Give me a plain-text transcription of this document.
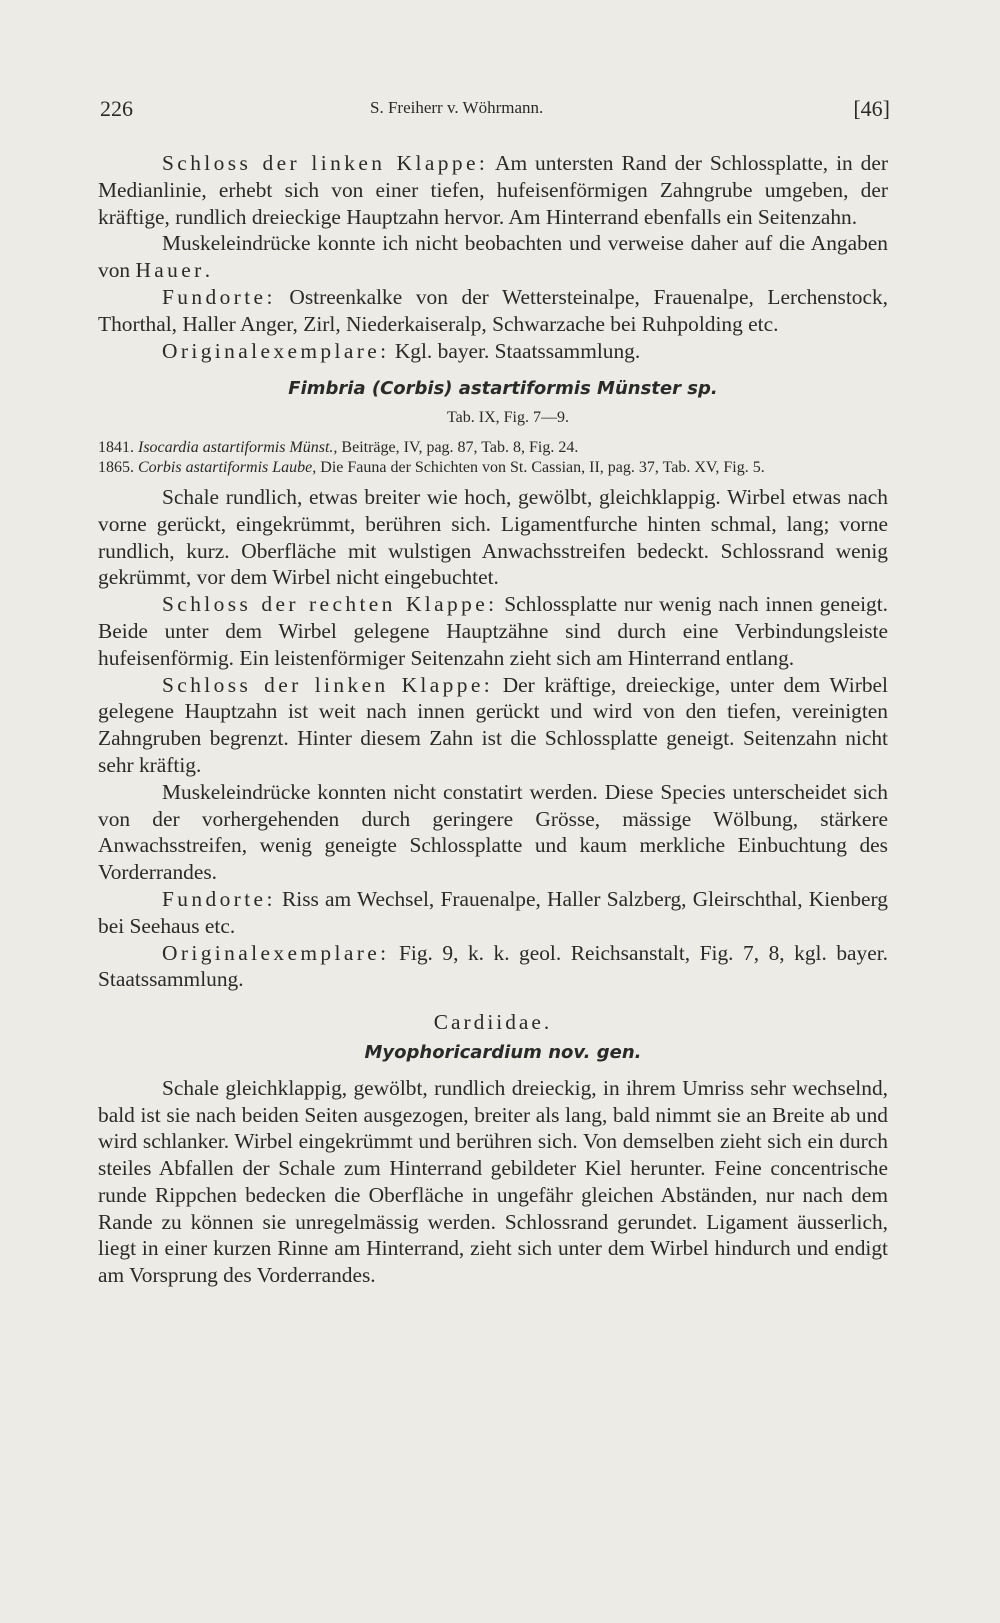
226	S. Freiherr v. Wöhrmann.	[46]

Schloss der linken Klappe: Am untersten Rand der Schlossplatte, in der Medianlinie, erhebt sich von einer tiefen, hufeisenförmigen Zahngrube umgeben, der kräftige, rundlich dreieckige Hauptzahn hervor. Am Hinterrand ebenfalls ein Seitenzahn.

Muskeleindrücke konnte ich nicht beobachten und verweise daher auf die Angaben von Hauer.

Fundorte: Ostreenkalke von der Wettersteinalpe, Frauenalpe, Lerchenstock, Thorthal, Haller Anger, Zirl, Niederkaiseralp, Schwarzache bei Ruhpolding etc.

Originalexemplare: Kgl. bayer. Staatssammlung.

Fimbria (Corbis) astartiformis Münster sp.
Tab. IX, Fig. 7—9.
1841. Isocardia astartiformis Münst., Beiträge, IV, pag. 87, Tab. 8, Fig. 24.
1865. Corbis astartiformis Laube, Die Fauna der Schichten von St. Cassian, II, pag. 37, Tab. XV, Fig. 5.

Schale rundlich, etwas breiter wie hoch, gewölbt, gleichklappig. Wirbel etwas nach vorne gerückt, eingekrümmt, berühren sich. Ligamentfurche hinten schmal, lang; vorne rundlich, kurz. Oberfläche mit wulstigen Anwachsstreifen bedeckt. Schlossrand wenig gekrümmt, vor dem Wirbel nicht eingebuchtet.

Schloss der rechten Klappe: Schlossplatte nur wenig nach innen geneigt. Beide unter dem Wirbel gelegene Hauptzähne sind durch eine Verbindungsleiste hufeisenförmig. Ein leistenförmiger Seitenzahn zieht sich am Hinterrand entlang.

Schloss der linken Klappe: Der kräftige, dreieckige, unter dem Wirbel gelegene Hauptzahn ist weit nach innen gerückt und wird von den tiefen, vereinigten Zahngruben begrenzt. Hinter diesem Zahn ist die Schlossplatte geneigt. Seitenzahn nicht sehr kräftig.

Muskeleindrücke konnten nicht constatirt werden. Diese Species unterscheidet sich von der vorhergehenden durch geringere Grösse, mässige Wölbung, stärkere Anwachsstreifen, wenig geneigte Schlossplatte und kaum merkliche Einbuchtung des Vorderrandes.

Fundorte: Riss am Wechsel, Frauenalpe, Haller Salzberg, Gleirschthal, Kienberg bei Seehaus etc.

Originalexemplare: Fig. 9, k. k. geol. Reichsanstalt, Fig. 7, 8, kgl. bayer. Staatssammlung.

Cardiidae.
Myophoricardium nov. gen.

Schale gleichklappig, gewölbt, rundlich dreieckig, in ihrem Umriss sehr wechselnd, bald ist sie nach beiden Seiten ausgezogen, breiter als lang, bald nimmt sie an Breite ab und wird schlanker. Wirbel eingekrümmt und berühren sich. Von demselben zieht sich ein durch steiles Abfallen der Schale zum Hinterrand gebildeter Kiel herunter. Feine concentrische runde Rippchen bedecken die Oberfläche in ungefähr gleichen Abständen, nur nach dem Rande zu können sie unregelmässig werden. Schlossrand gerundet. Ligament äusserlich, liegt in einer kurzen Rinne am Hinterrand, zieht sich unter dem Wirbel hindurch und endigt am Vorsprung des Vorderrandes.
